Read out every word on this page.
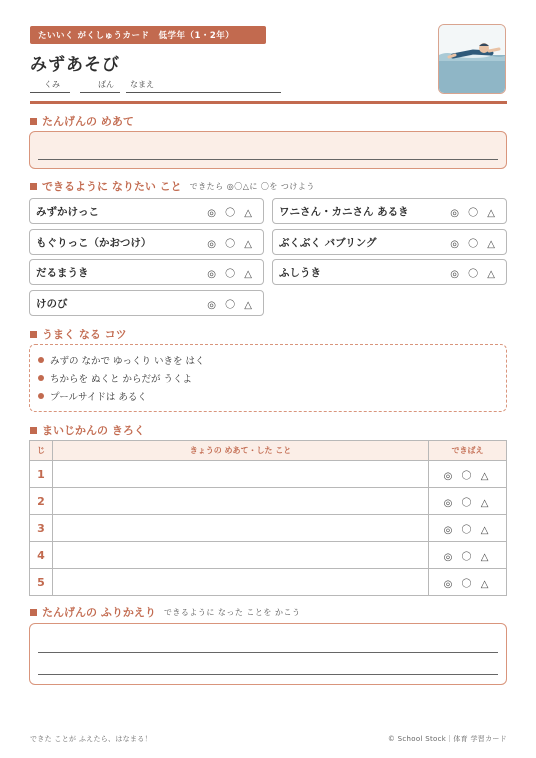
たいいく がくしゅうカード　低学年（1・2年）
みずあそび
くみ	ばん	なまえ
たんげんの めあて
できるように なりたい こと できたら ◎〇△に 〇を つけよう
みずかけっこ	◎ 〇 △ ワニさん・カニさん あるき	◎ 〇 △
もぐりっこ（かおつけ）	◎ 〇 △ ぶくぶく バブリング	◎ 〇 △
だるまうき	◎ 〇 △ ふしうき	◎ 〇 △
けのび	◎ 〇 △
うまく なる コツ
みずの なかで ゆっくり いきを はく
ちからを ぬくと からだが うくよ
プールサイドは あるく
まいじかんの きろく
じ	きょうの めあて・した こと	できばえ
1		◎ 〇 △
2		◎ 〇 △
3		◎ 〇 △
4		◎ 〇 △
5		◎ 〇 △
たんげんの ふりかえり できるように なった ことを かこう
できた ことが ふえたら、はなまる！	© School Stock｜体育 学習カード
